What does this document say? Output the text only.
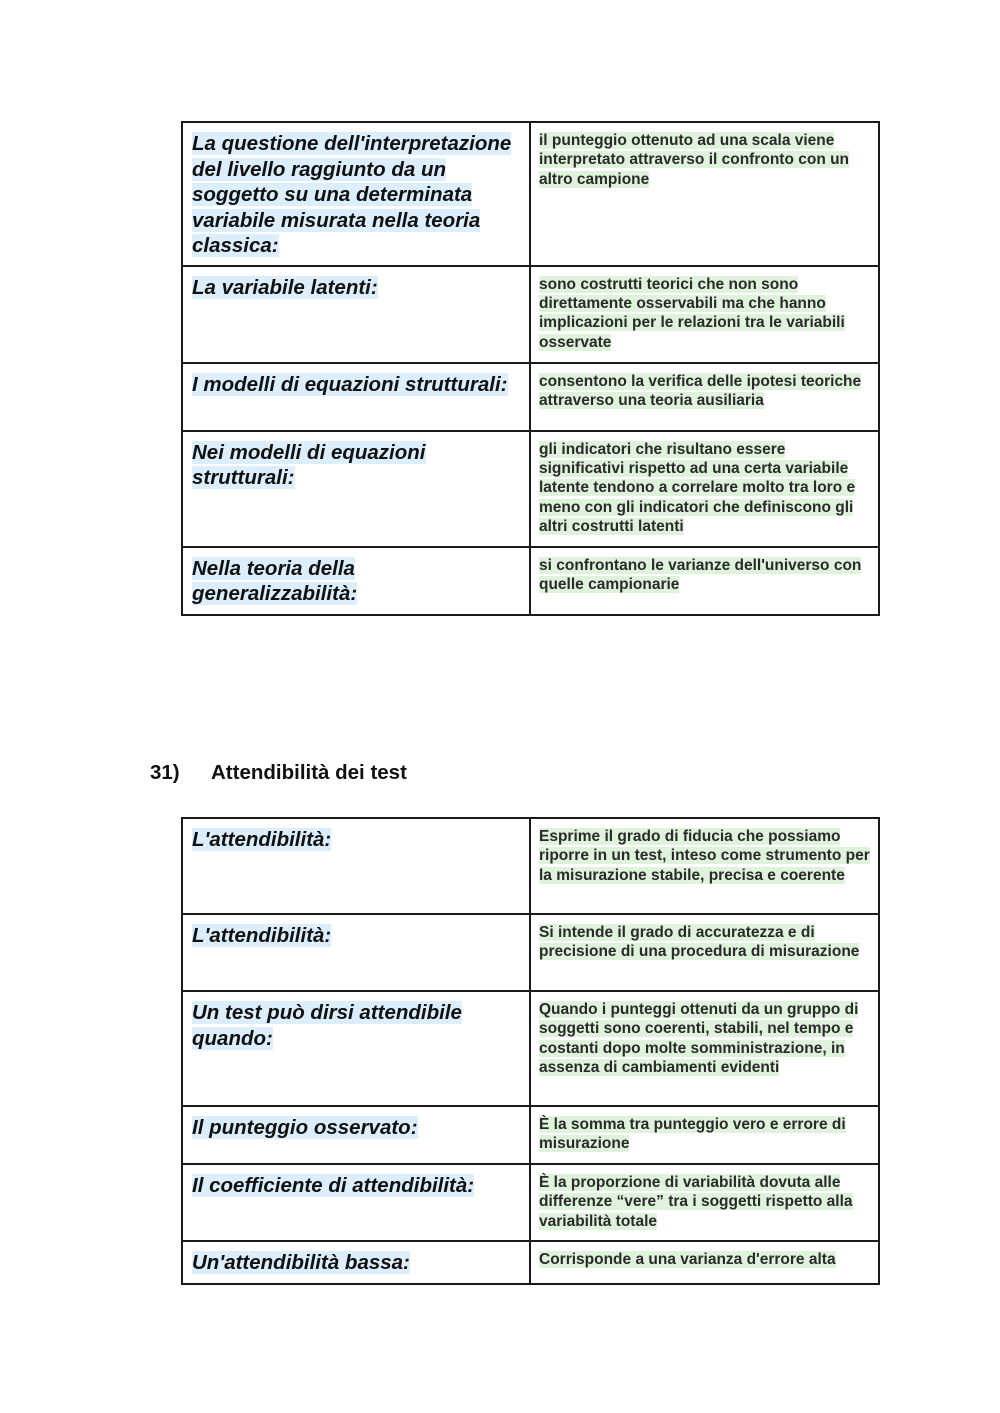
La questione dell'interpretazione del livello raggiunto da un soggetto su una determinata variabile misurata nella teoria classica:	il punteggio ottenuto ad una scala viene interpretato attraverso il confronto con un altro campione
La variabile latenti:	sono costrutti teorici che non sono direttamente osservabili ma che hanno implicazioni per le relazioni tra le variabili osservate
I modelli di equazioni strutturali:	consentono la verifica delle ipotesi teoriche attraverso una teoria ausiliaria
Nei modelli di equazioni strutturali:	gli indicatori che risultano essere significativi rispetto ad una certa variabile latente tendono a correlare molto tra loro e meno con gli indicatori che definiscono gli altri costrutti latenti
Nella teoria della generalizzabilità:	si confrontano le varianze dell'universo con quelle campionarie
31) Attendibilità dei test
L'attendibilità:	Esprime il grado di fiducia che possiamo riporre in un test, inteso come strumento per la misurazione stabile, precisa e coerente
L'attendibilità:	Si intende il grado di accuratezza e di precisione di una procedura di misurazione
Un test può dirsi attendibile quando:	Quando i punteggi ottenuti da un gruppo di soggetti sono coerenti, stabili, nel tempo e costanti dopo molte somministrazione, in assenza di cambiamenti evidenti
Il punteggio osservato:	È la somma tra punteggio vero e errore di misurazione
Il coefficiente di attendibilità:	È la proporzione di variabilità dovuta alle differenze “vere” tra i soggetti rispetto alla variabilità totale
Un'attendibilità bassa:	Corrisponde a una varianza d'errore alta
